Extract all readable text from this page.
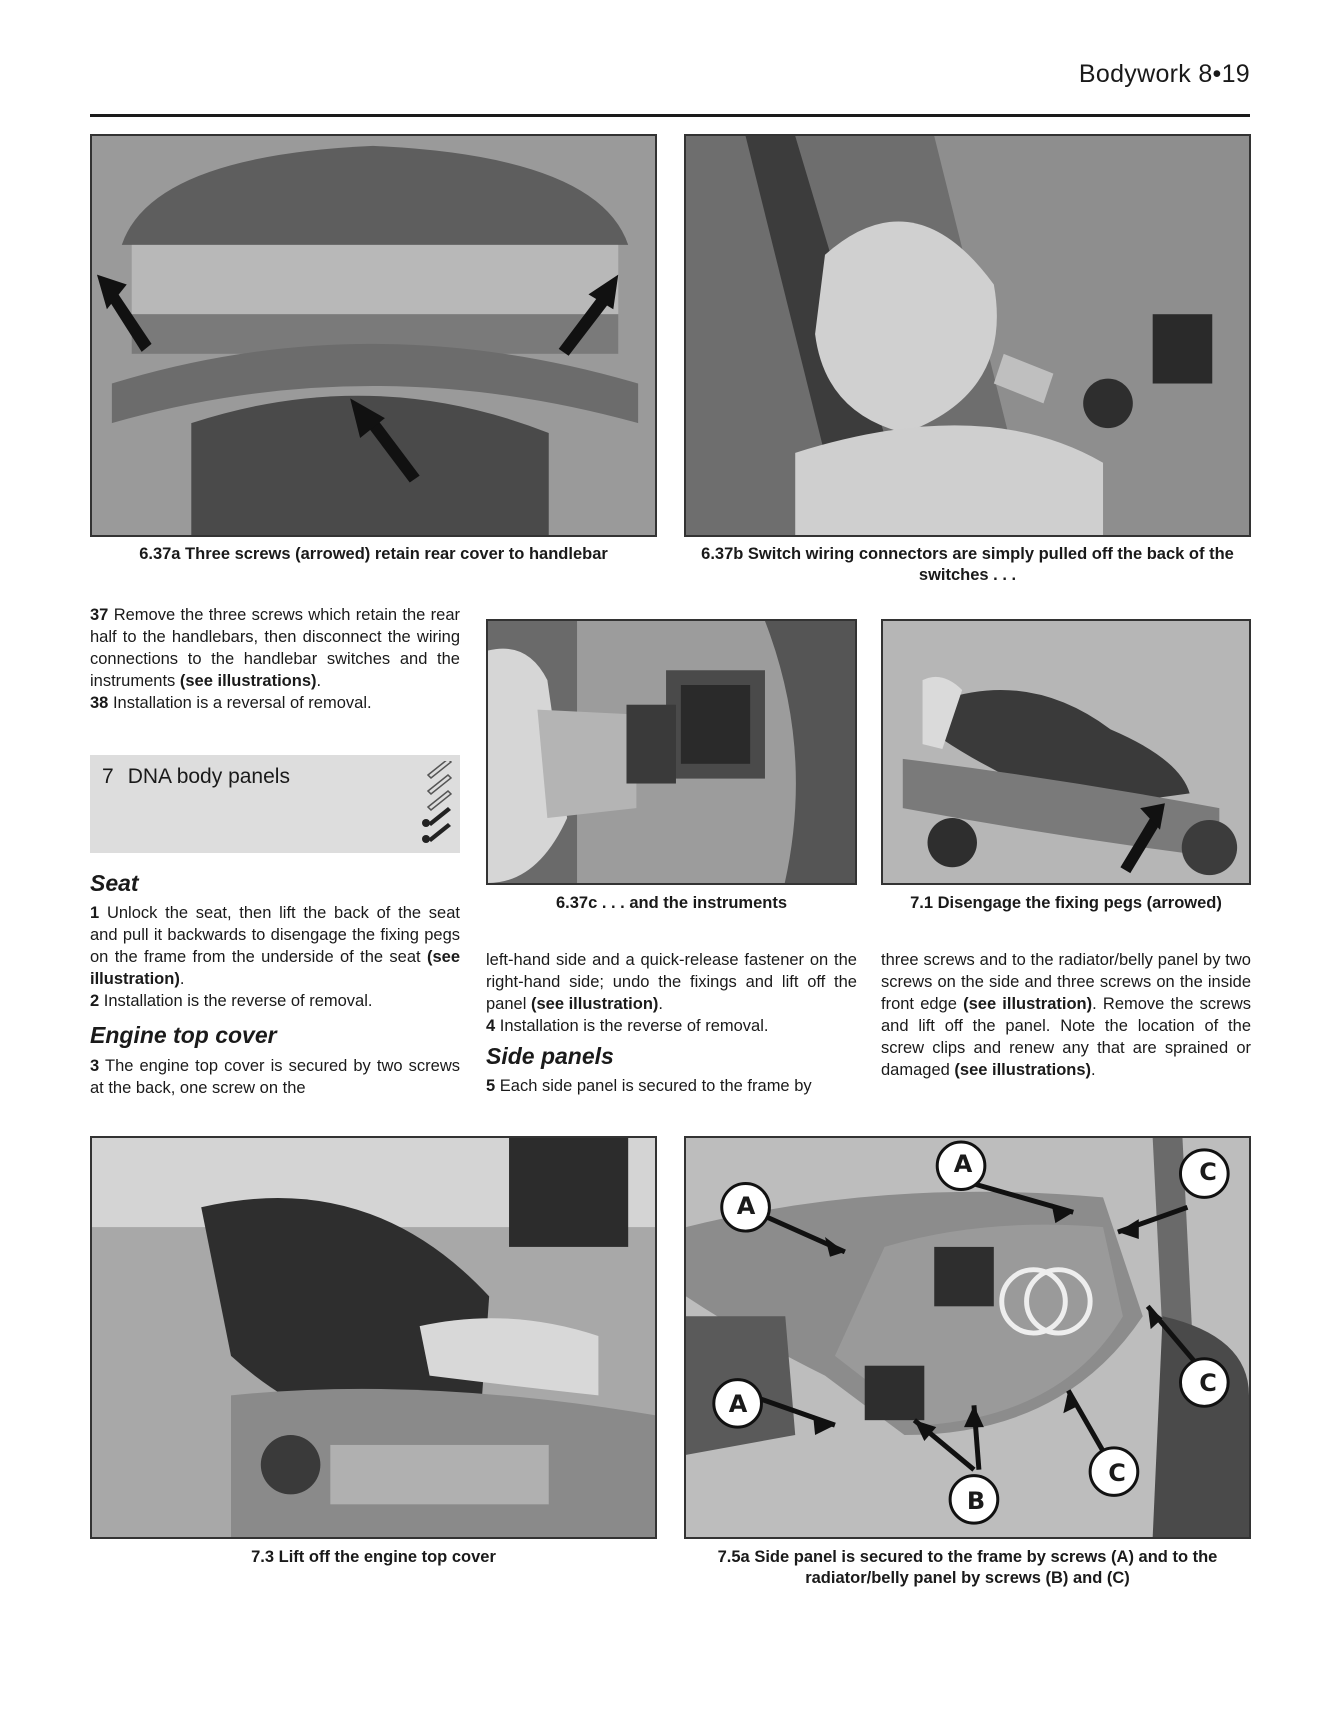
Bodywork 8•19
6.37a Three screws (arrowed) retain rear cover to handlebar	6.37b Switch wiring connectors are simply pulled off the back of the switches . . .

37 Remove the three screws which retain the rear half to the handlebars, then disconnect the wiring connections to the handlebar switches and the instruments (see illustrations).

38 Installation is a reversal of removal.

7 DNA body panels
Seat

1 Unlock the seat, then lift the back of the seat and pull it backwards to disengage the fixing pegs on the frame from the underside of the seat (see illustration).

2 Installation is the reverse of removal.

Engine top cover

3 The engine top cover is secured by two screws at the back, one screw on the

6.37c . . . and the instruments	7.1 Disengage the fixing pegs (arrowed)

left-hand side and a quick-release fastener on the right-hand side; undo the fixings and lift off the panel (see illustration).

4 Installation is the reverse of removal.

Side panels

5 Each side panel is secured to the frame by

three screws and to the radiator/belly panel by two screws on the side and three screws on the inside front edge (see illustration). Remove the screws and lift off the panel. Note the location of the screw clips and renew any that are sprained or damaged (see illustrations).

7.3 Lift off the engine top cover
A
A	C
C
C
A
B
7.5a Side panel is secured to the frame by screws (A) and to the radiator/belly panel by screws (B) and (C)
